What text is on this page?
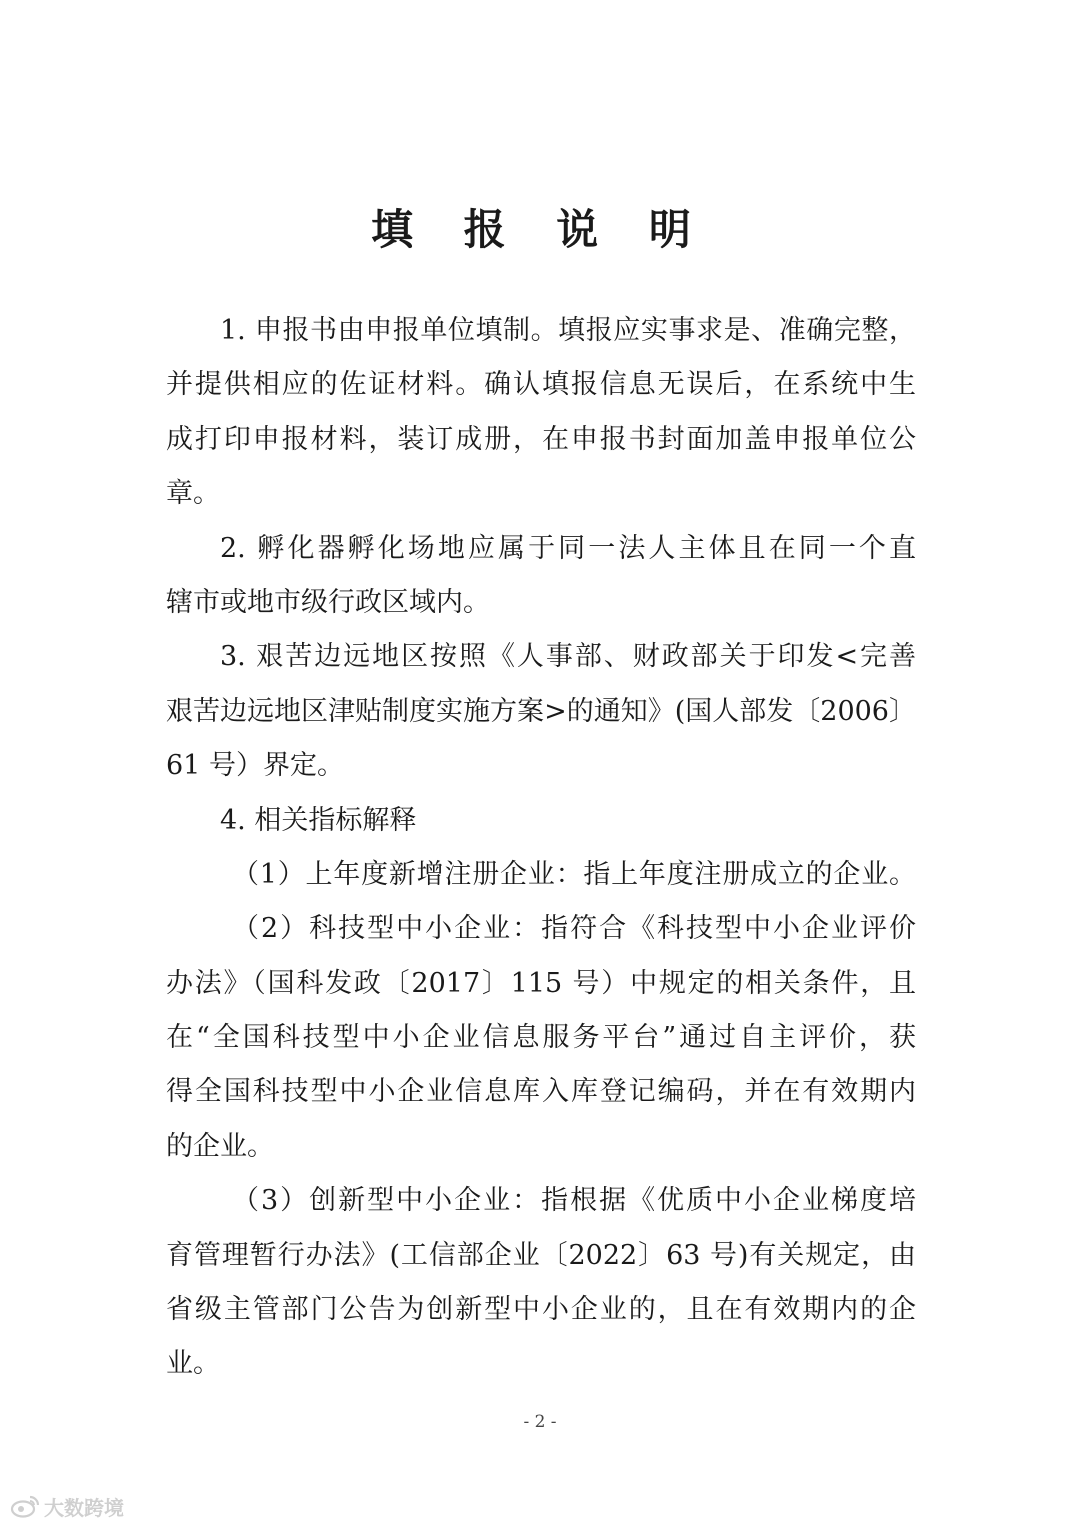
填 报 说 明
1. 申报书由申报单位填制。填报应实事求是、准确完整，
并提供相应的佐证材料。确认填报信息无误后，在系统中生
成打印申报材料，装订成册，在申报书封面加盖申报单位公
章。
2. 孵化器孵化场地应属于同一法人主体且在同一个直
辖市或地市级行政区域内。
3. 艰苦边远地区按照《人事部、财政部关于印发<完善
艰苦边远地区津贴制度实施方案>的通知》(国人部发〔2006〕
61 号）界定。
4. 相关指标解释
（1）上年度新增注册企业：指上年度注册成立的企业。
（2）科技型中小企业：指符合《科技型中小企业评价
办法》（国科发政〔2017〕115 号）中规定的相关条件，且
在“全国科技型中小企业信息服务平台”通过自主评价，获
得全国科技型中小企业信息库入库登记编码，并在有效期内
的企业。
（3）创新型中小企业：指根据《优质中小企业梯度培
育管理暂行办法》(工信部企业〔2022〕63 号)有关规定，由
省级主管部门公告为创新型中小企业的，且在有效期内的企
业。
- 2 -
大数跨境
